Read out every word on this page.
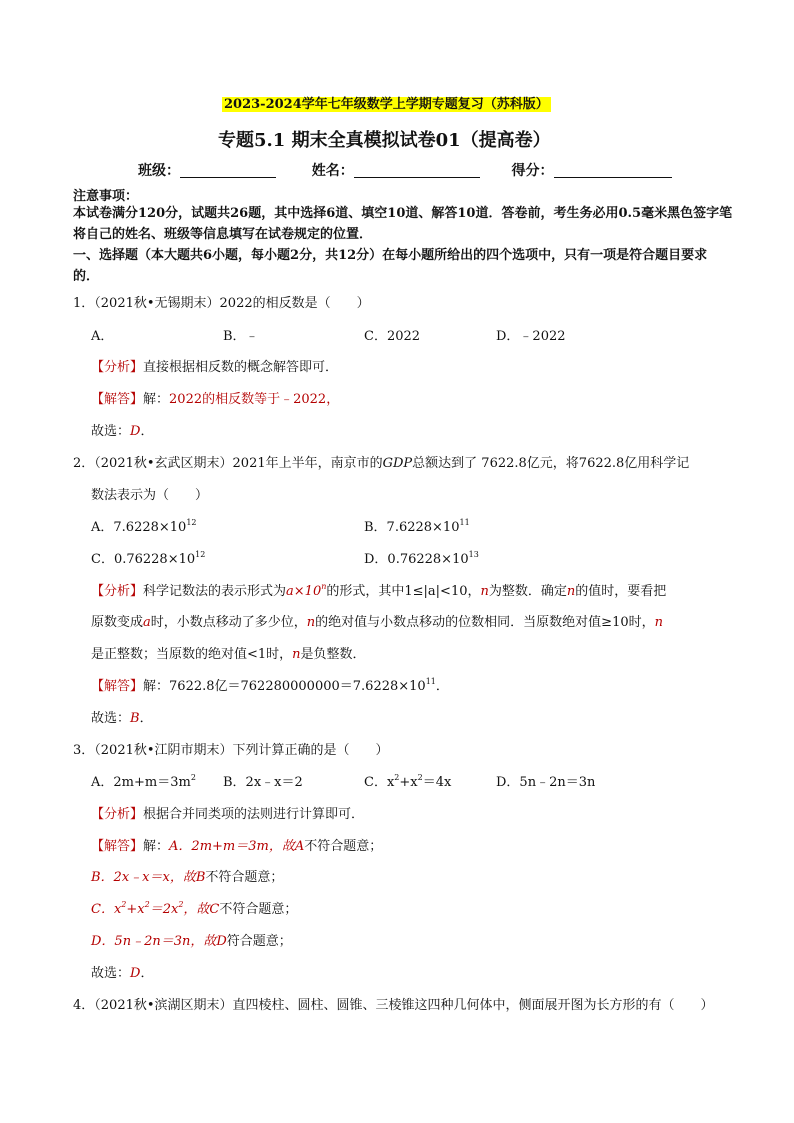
2023-2024学年七年级数学上学期专题复习（苏科版）
专题5.1 期末全真模拟试卷01（提高卷）
班级：	姓名：	得分：
注意事项：
本试卷满分120分，试题共26题，其中选择6道、填空10道、解答10道．答卷前，考生务必用0.5毫米黑色签字笔将自己的姓名、班级等信息填写在试卷规定的位置．
一、选择题（本大题共6小题，每小题2分，共12分）在每小题所给出的四个选项中，只有一项是符合题目要求的．
1．（2021秋•无锡期末）2022的相反数是（　　）
A．	B．﹣	C．2022	D．﹣2022
【分析】直接根据相反数的概念解答即可．
【解答】解：2022的相反数等于﹣2022，
故选：D．
2．（2021秋•玄武区期末）2021年上半年，南京市的GDP总额达到了 7622.8亿元，将7622.8亿用科学记
数法表示为（　　）
A．$7.6228\times 10^{12}$	B．$7.6228\times 10^{11}$
C．$0.76228\times 10^{12}$	D．$0.76228\times 10^{13}$
【分析】科学记数法的表示形式为$a\times 10^n$的形式，其中1≤|a|<10，n为整数．确定n的值时，要看把
原数变成a时，小数点移动了多少位，n的绝对值与小数点移动的位数相同．当原数绝对值≥10时，n
是正整数；当原数的绝对值<1时，n是负整数．
【解答】解：7622.8亿$=762280000000=7.6228\times 10^{11}$．
故选：B．
3．（2021秋•江阴市期末）下列计算正确的是（　　）
A．$2m+m=3m^2$ B．2x﹣x＝2	C．$x^2+x^2=4x$	D．5n﹣2n＝3n
【分析】根据合并同类项的法则进行计算即可．
【解答】解：A．2m+m＝3m，故A不符合题意；
B．2x﹣x＝x，故B不符合题意；
C．$x^2+x^2=2x^2$，故C不符合题意；
D．5n﹣2n＝3n，故D符合题意；
故选：D．
4．（2021秋•滨湖区期末）直四棱柱、圆柱、圆锥、三棱锥这四种几何体中，侧面展开图为长方形的有（　　）
